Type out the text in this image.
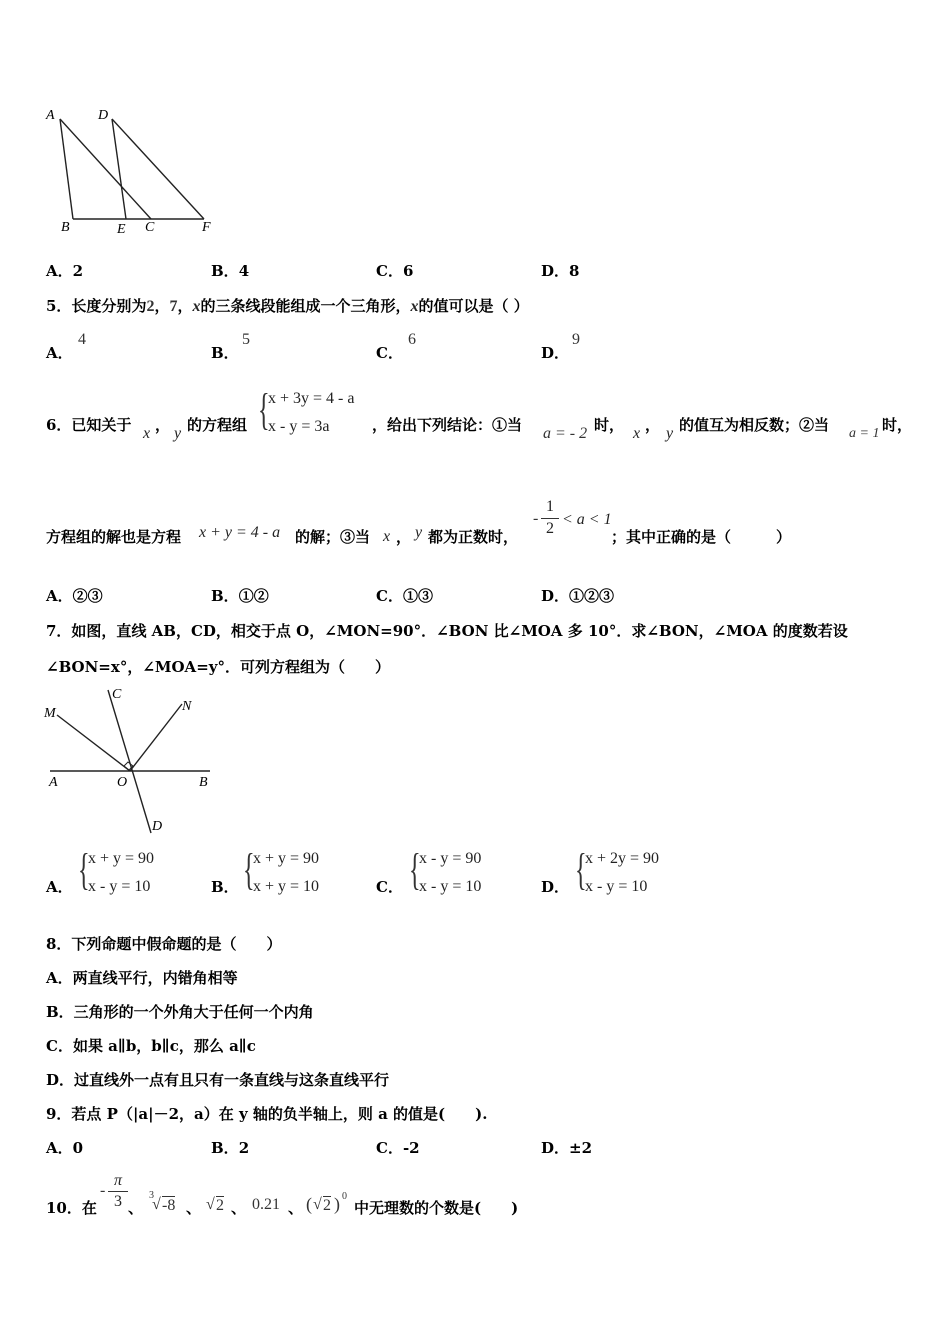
A	D
B	E C	F
A．2	B．4	C．6	D．8
5．长度分别为2，7，x的三条线段能组成一个三角形，x的值可以是（ ）
A．
4
B．
5
C．
6
D．
9
6．已知关于 x ， y 的方程组 {
x + 3y = 4 - a
x - y = 3a	，给出下列结论：①当 a = - 2 时， x ， y 的值互为相反数；②当 a = 1 时，
方程组的解也是方程 x + y = 4 - a 的解；③当 x ， y 都为正数时，
- $\frac{1}{2} < a < 1$
；其中正确的是（　　　）
A．②③	B．①②	C．①③	D．①②③
7．如图，直线 AB，CD，相交于点 O，∠MON=90°．∠BON 比∠MOA 多 10°．求∠BON，∠MOA 的度数若设
∠BON=x°，∠MOA=y°．可列方程组为（　　）
M
C
N
A	O	B
D
A． {
x + y = 90
x - y = 10	B． {
x + y = 90
x + y = 10	C． {
x - y = 90
x - y = 10	D． {
x + 2y = 90
x - y = 10
8．下列命题中假命题的是（　　）
A．两直线平行，内错角相等
B．三角形的一个外角大于任何一个内角
C．如果 a∥b，b∥c，那么 a∥c
D．过直线外一点有且只有一条直线与这条直线平行
9．若点 P（|a|－2，a）在 y 轴的负半轴上，则 a 的值是(　　).
A．0	B．2	C．-2	D．±2
10．在
- $\frac{\pi}{3}$ 、
3
√ -8 、 √ 2 、 0.21 、 ( √ 2 ) 0
中无理数的个数是(　　)
